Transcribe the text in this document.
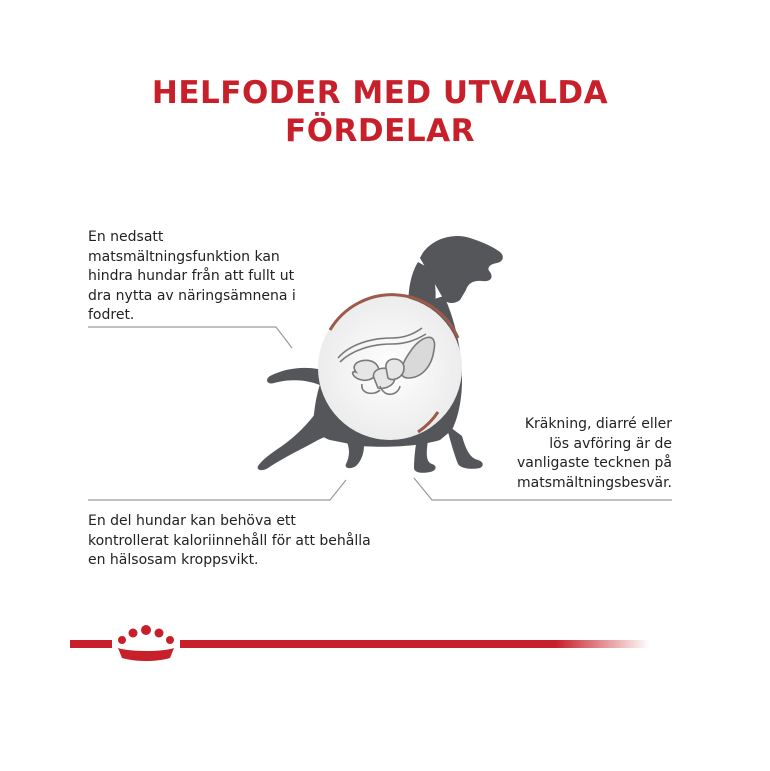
HELFODER MED UTVALDA
FÖRDELAR
En nedsatt
matsmältningsfunktion kan
hindra hundar från att fullt ut
dra nytta av näringsämnena i
fodret.
Kräkning, diarré eller
lös avföring är de
vanligaste tecknen på
matsmältningsbesvär.
En del hundar kan behöva ett
kontrollerat kaloriinnehåll för att behålla
en hälsosam kroppsvikt.
